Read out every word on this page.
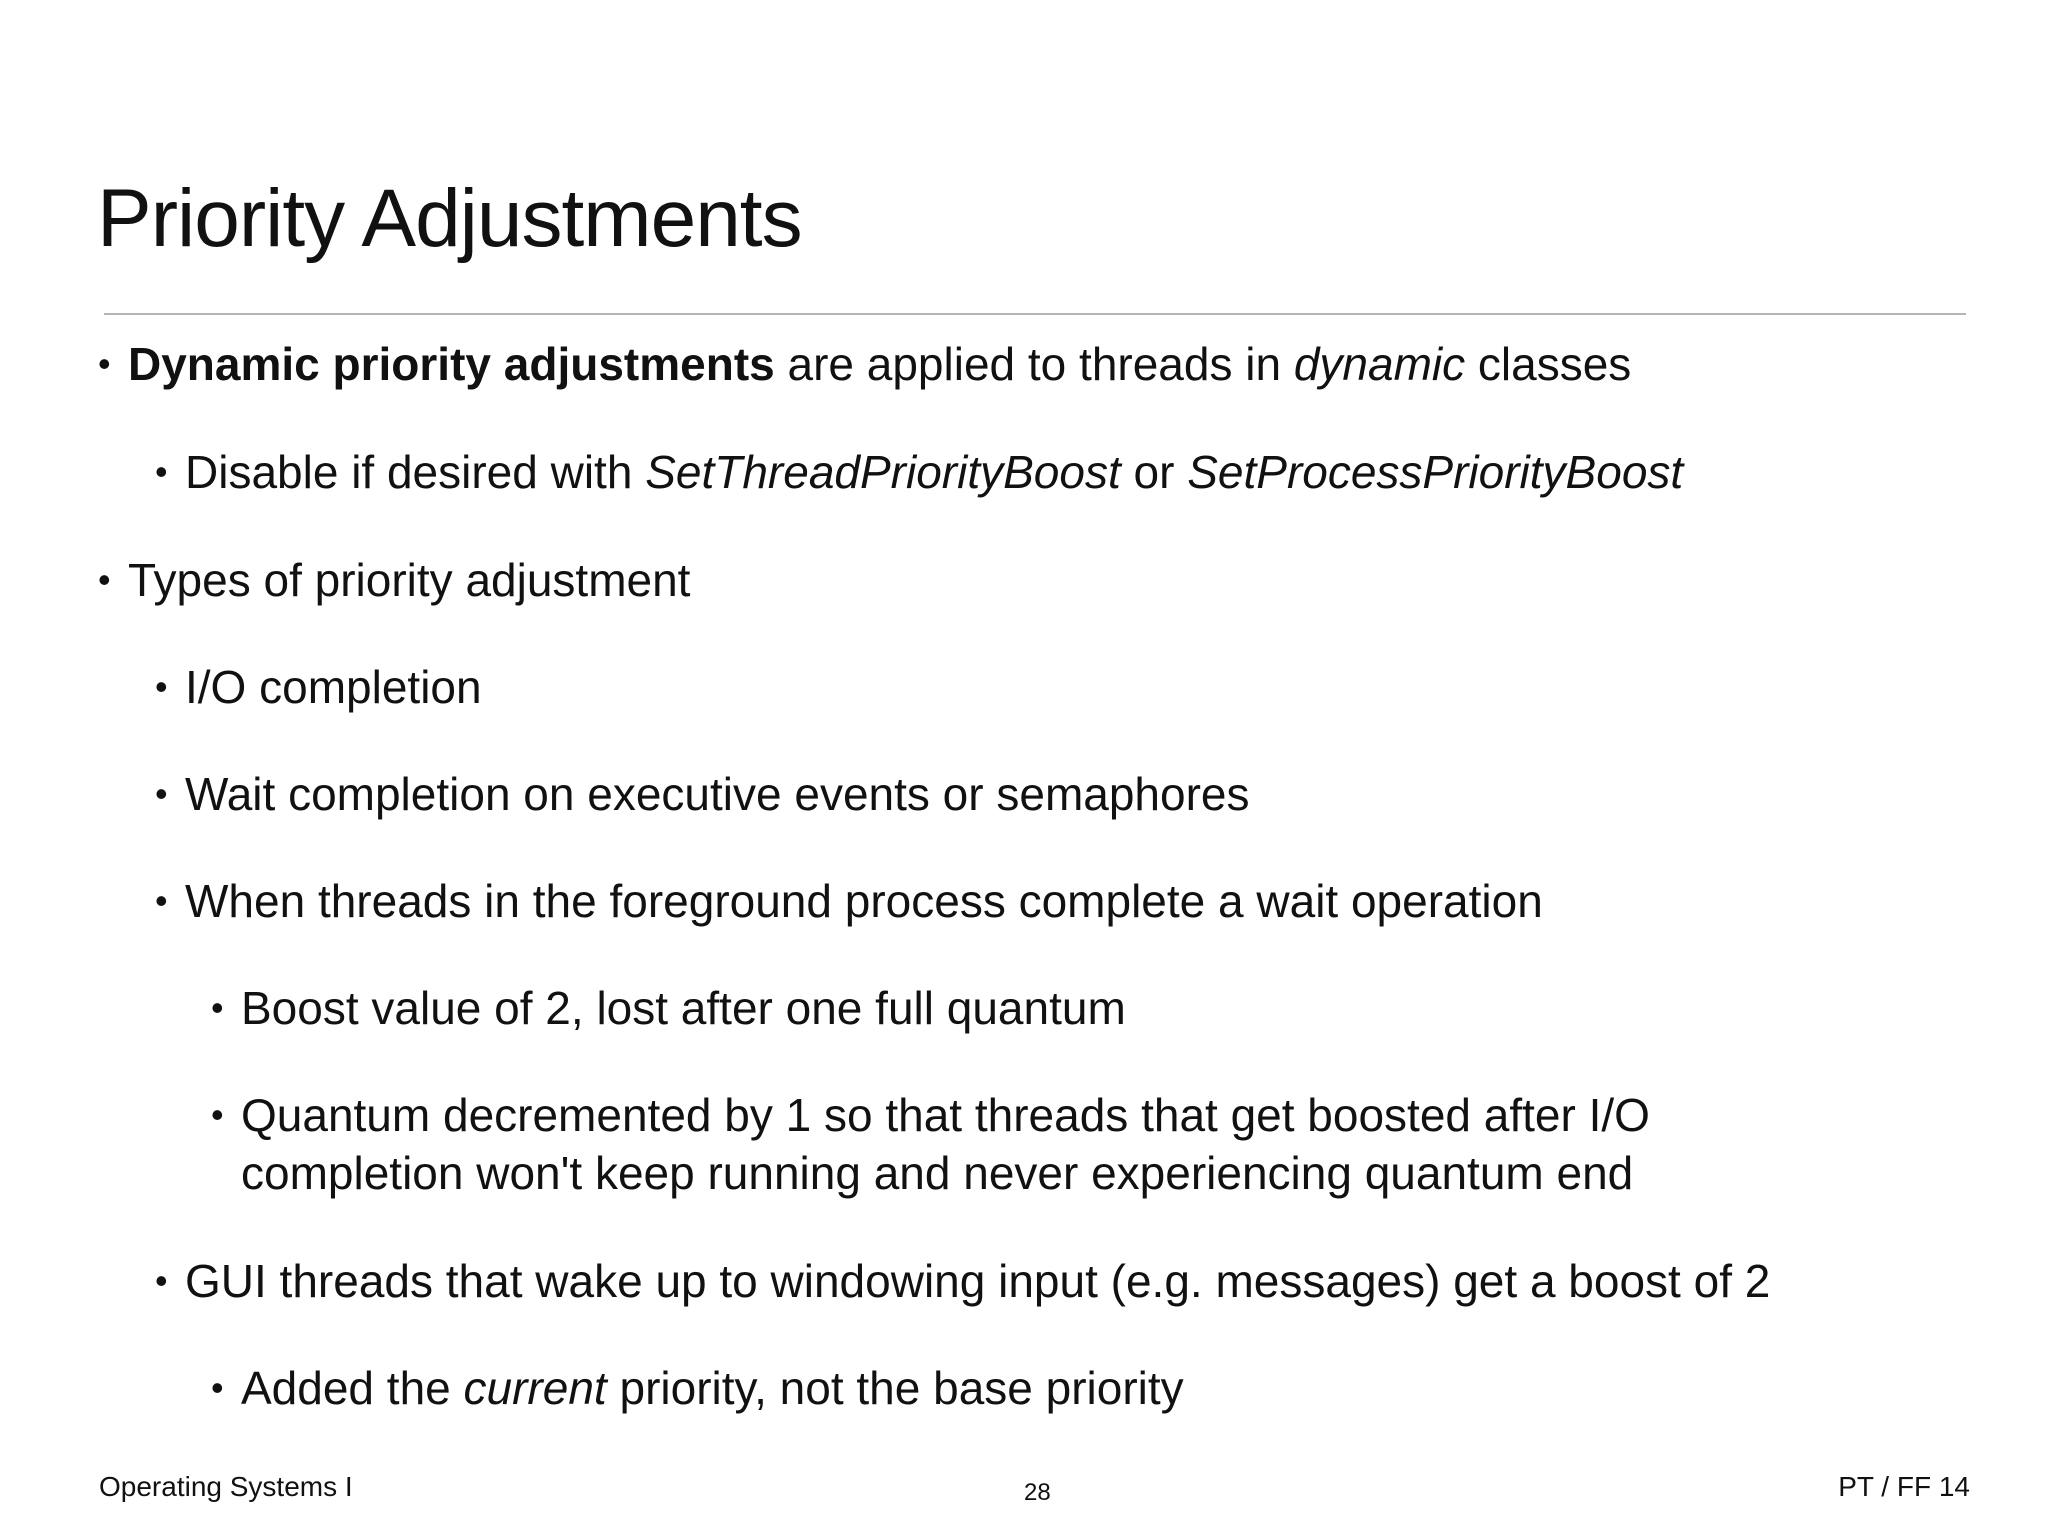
Priority Adjustments
• Dynamic priority adjustments are applied to threads in dynamic classes
• Disable if desired with SetThreadPriorityBoost or SetProcessPriorityBoost
• Types of priority adjustment
• I/O completion
• Wait completion on executive events or semaphores
• When threads in the foreground process complete a wait operation
• Boost value of 2, lost after one full quantum
• Quantum decremented by 1 so that threads that get boosted after I/O completion won't keep running and never experiencing quantum end
• GUI threads that wake up to windowing input (e.g. messages) get a boost of 2
• Added the current priority, not the base priority
Operating Systems I	28	PT / FF 14
